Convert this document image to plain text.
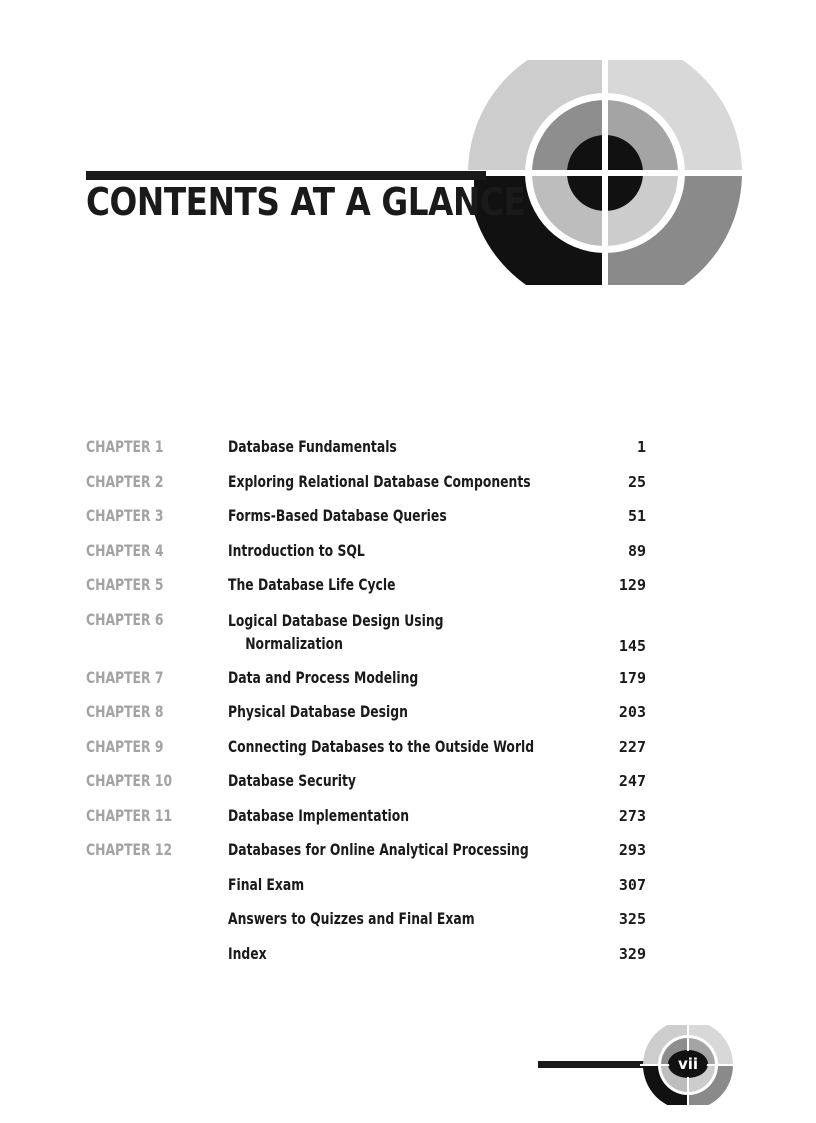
CONTENTS AT A GLANCE
CHAPTER 1	Database Fundamentals	1
CHAPTER 2	Exploring Relational Database Components	25
CHAPTER 3	Forms-Based Database Queries	51
CHAPTER 4	Introduction to SQL	89
CHAPTER 5	The Database Life Cycle	129
CHAPTER 6	Logical Database Design Using
Normalization	145
CHAPTER 7	Data and Process Modeling	179
CHAPTER 8	Physical Database Design	203
CHAPTER 9	Connecting Databases to the Outside World	227
CHAPTER 10	Database Security	247
CHAPTER 11	Database Implementation	273
CHAPTER 12	Databases for Online Analytical Processing	293
Final Exam	307
Answers to Quizzes and Final Exam	325
Index	329
vii
